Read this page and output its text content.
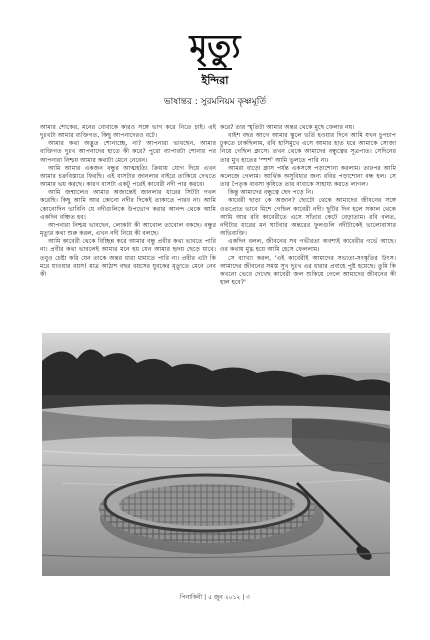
মৃত্যু
ইন্দিরা
ভাষান্তর : সুরমনিয়ম কৃষ্ণমূর্তি

আমার শোকের, মনের বোবাকে কারও সঙ্গে ভাগ করে নিতে চাই। এই দুঃখটা আমার ব্যক্তিগত, কিছু আপনাদেরও বটে।

আমার কথা অদ্ভুত শোনাচ্ছে, না? আপনারা ভাবছেন, আমার ব্যক্তিগত দুঃখ আপনাদের হাতে কী করে? পুরো ব্যাপারটা শোনার পর আপনারা নিশ্চয় আমার কথাটা মেনে নেবেন।

আমি আমার একজন বন্ধুর আত্মহত্যি ক্রিয়ায় যোগ দিয়ে এখন আমার চক্রবিস্তারে ফিরছি। এই বাসটার জানলার বাইরে তাকিয়ে দেখতে আমার ভয় করছে। কারণ বাসটা একটু পরেই কাবেরী নদী পার করবে।

আমি জন্মালেও আমার অজান্তেই জানলার ধারের সিটটা দখল করেছি। কিছু আমি আর কোনো নদীর দিকেই তাকাতে পারব না। আমি কোনোদিন ভাবিনি যে নদীগুলিকে উপভোগ করার আনন্দ থেকে আমি একদিন বঞ্চিত হব।

আপনারা নিশ্চয় ভাবছেন, লোকটা কী আবোল তাবোল বকছে। বন্ধুর মৃত্যুর কথা শুরু করল, এখন নদী নিয়ে কী বলছে।

আমি কাবেরী থেকে বিচ্ছিন্ন করে আমার বন্ধু প্রবীর কথা ভাবতে পারি না। প্রবীর কথা ভাবলেই আমার মনে হয় যেন আমার হৃদয় ছেড়ে যাবে। তবুও চেষ্টা করি যেন তাকে অন্তর ধারা ধামাতে পারি না। প্রবীর এটা কি মরে যাওয়ার বয়স! মাত্র আঠাশ বছর বয়সের যুবকের মৃত্যুতে মেনে নেব কী

করে? তার স্মৃতিটা আমার অন্তর থেকে মুছে ফেলার নয়।

বাইশ বছর আগে আমার স্কুলে ভর্তি হওয়ার দিনে আমি যখন চুপচাপ ঢুকতে ঢাকছিলাম, রবি হাসিমুখে এসে আমার হাত ধরে আমাকে সোজা নিয়ে গেছিল ক্লাসে। তখন থেকে আমাদের বন্ধুত্বের সূত্রপাত। সেদিনের তার মুখ হাতের 'স্পর্শ' আমি ভুলতে পারি না।

আমরা বাড়ো ক্লাস পর্যন্ত একসঙ্গে পড়াশোনা করলাম। তারপর আমি কলেজে গেলাম। আর্থিক অসুবিধার জন্য রবির পড়াশোনা বন্ধ হল। সে তার পৈতৃক ব্যবসা কৃষিতে তার বাবাকে সাহায্য করতে লাগল।

কিন্তু আমাদের বন্ধুত্বে ছেদ পড়ে নি।

কাবেরী ছাড়া কে অজান? ছোটো থেকে আমাদের জীবনের সঙ্গে ওতপ্রোত ভাবে মিশে গেছিল কাবেরী নদী। ছুটির দিন হলে সকাল থেকে আমি আর রবি কাবেরীতে এসে সাঁতার কেটে বেড়াতাম। রবি বলত, নদীটার ধারের মন ঘাটবার অন্তরের ফুলগুলি নদীটাকেই ভালোবাসার অভিব্যক্তি।

একদিন বলল, জীবনের সব গভীরতা অবশ্যই কাবেরীর গর্ভে আছে। ওর কথায় মুগ্ধ হয়ে আমি হেসে ফেললাম।

সে ব্যাখ্যা করল, 'এই কাবেরীই আমাদের সভ্যতা-সংস্কৃতির উৎস। আমাদের জীবনের সমস্ত সুখ দুঃখ এর ধারার প্রবাহে পুষ্ট হয়েছে। তুমি কি কখনো ভেবে দেখেছ কাবেরী জল শুকিয়ে গেলে আমাদের জীবনের কী হাল হবে?'

পিনাকিনী | ৫ জুন ২০১২ | ৩
